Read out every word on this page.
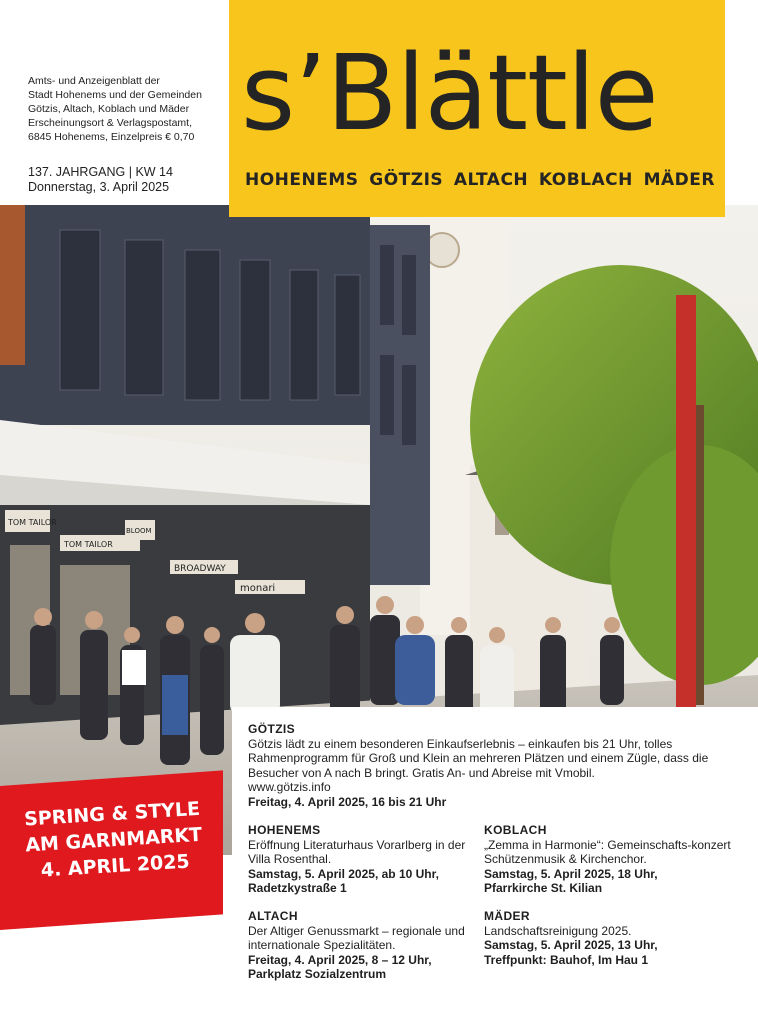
Amts- und Anzeigenblatt der
Stadt Hohenems und der Gemeinden
Götzis, Altach, Koblach und Mäder
Erscheinungsort & Verlagspostamt,
6845 Hohenems, Einzelpreis € 0,70
137. JAHRGANG | KW 14
Donnerstag, 3. April 2025
TOM TAILOR
TOM TAILOR
BROADWAY
monari
BLOOM
s’Blättle
HOHENEMS GÖTZIS ALTACH KOBLACH MÄDER
SPRING & STYLE
AM GARNMARKT
4. APRIL 2025
GÖTZIS
Götzis lädt zu einem besonderen Einkaufserlebnis – einkaufen bis 21 Uhr, tolles Rahmenprogramm für Groß und Klein an mehreren Plätzen und einem Zügle, dass die Besucher von A nach B bringt. Gratis An- und Abreise mit Vmobil.
www.götzis.info
Freitag, 4. April 2025, 16 bis 21 Uhr
HOHENEMS
Eröffnung Literaturhaus Vorarlberg in der Villa Rosenthal.
Samstag, 5. April 2025, ab 10 Uhr,
Radetzkystraße 1
KOBLACH
„Zemma in Harmonie“: Gemeinschafts-konzert Schützenmusik & Kirchenchor.
Samstag, 5. April 2025, 18 Uhr,
Pfarrkirche St. Kilian
ALTACH
Der Altiger Genussmarkt – regionale und internationale Spezialitäten.
Freitag, 4. April 2025, 8 – 12 Uhr,
Parkplatz Sozialzentrum
MÄDER
Landschaftsreinigung 2025.
Samstag, 5. April 2025, 13 Uhr,
Treffpunkt: Bauhof, Im Hau 1
